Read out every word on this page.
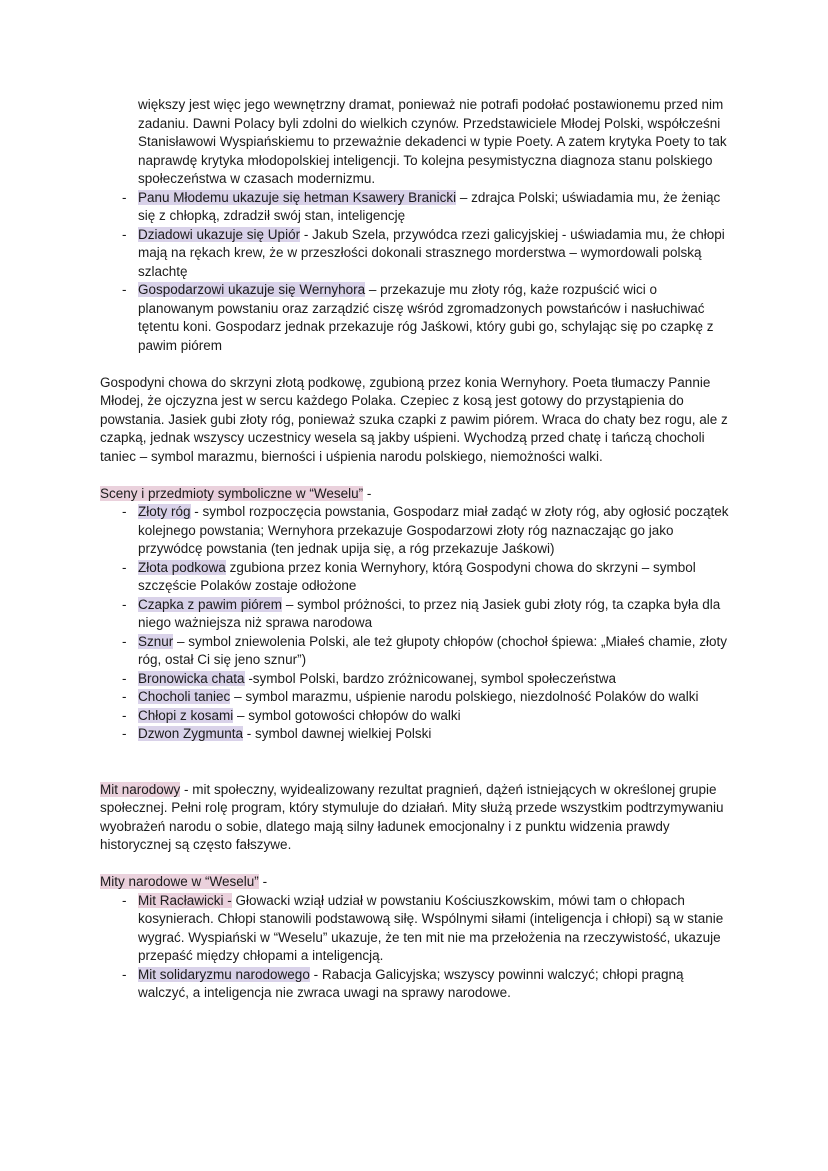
większy jest więc jego wewnętrzny dramat, ponieważ nie potrafi podołać postawionemu przed nim zadaniu. Dawni Polacy byli zdolni do wielkich czynów. Przedstawiciele Młodej Polski, współcześni Stanisławowi Wyspiańskiemu to przeważnie dekadenci w typie Poety. A zatem krytyka Poety to tak naprawdę krytyka młodopolskiej inteligencji. To kolejna pesymistyczna diagnoza stanu polskiego społeczeństwa w czasach modernizmu.

- Panu Młodemu ukazuje się hetman Ksawery Branicki – zdrajca Polski; uświadamia mu, że żeniąc się z chłopką, zdradził swój stan, inteligencję
- Dziadowi ukazuje się Upiór - Jakub Szela, przywódca rzezi galicyjskiej - uświadamia mu, że chłopi mają na rękach krew, że w przeszłości dokonali strasznego morderstwa – wymordowali polską szlachtę
- Gospodarzowi ukazuje się Wernyhora – przekazuje mu złoty róg, każe rozpuścić wici o planowanym powstaniu oraz zarządzić ciszę wśród zgromadzonych powstańców i nasłuchiwać tętentu koni. Gospodarz jednak przekazuje róg Jaśkowi, który gubi go, schylając się po czapkę z pawim piórem

Gospodyni chowa do skrzyni złotą podkowę, zgubioną przez konia Wernyhory. Poeta tłumaczy Pannie Młodej, że ojczyzna jest w sercu każdego Polaka. Czepiec z kosą jest gotowy do przystąpienia do powstania. Jasiek gubi złoty róg, ponieważ szuka czapki z pawim piórem. Wraca do chaty bez rogu, ale z czapką, jednak wszyscy uczestnicy wesela są jakby uśpieni. Wychodzą przed chatę i tańczą chocholi taniec – symbol marazmu, bierności i uśpienia narodu polskiego, niemożności walki.

Sceny i przedmioty symboliczne w “Weselu” -

- Złoty róg - symbol rozpoczęcia powstania, Gospodarz miał zadąć w złoty róg, aby ogłosić początek kolejnego powstania; Wernyhora przekazuje Gospodarzowi złoty róg naznaczając go jako przywódcę powstania (ten jednak upija się, a róg przekazuje Jaśkowi)
- Złota podkowa zgubiona przez konia Wernyhory, którą Gospodyni chowa do skrzyni – symbol szczęście Polaków zostaje odłożone
- Czapka z pawim piórem – symbol próżności, to przez nią Jasiek gubi złoty róg, ta czapka była dla niego ważniejsza niż sprawa narodowa
- Sznur – symbol zniewolenia Polski, ale też głupoty chłopów (chochoł śpiewa: „Miałeś chamie, złoty róg, ostał Ci się jeno sznur”)
- Bronowicka chata -symbol Polski, bardzo zróżnicowanej, symbol społeczeństwa
- Chocholi taniec – symbol marazmu, uśpienie narodu polskiego, niezdolność Polaków do walki
- Chłopi z kosami – symbol gotowości chłopów do walki
- Dzwon Zygmunta - symbol dawnej wielkiej Polski

Mit narodowy - mit społeczny, wyidealizowany rezultat pragnień, dążeń istniejących w określonej grupie społecznej. Pełni rolę program, który stymuluje do działań. Mity służą przede wszystkim podtrzymywaniu wyobrażeń narodu o sobie, dlatego mają silny ładunek emocjonalny i z punktu widzenia prawdy historycznej są często fałszywe.

Mity narodowe w “Weselu” -

- Mit Racławicki - Głowacki wziął udział w powstaniu Kościuszkowskim, mówi tam o chłopach kosynierach. Chłopi stanowili podstawową siłę. Wspólnymi siłami (inteligencja i chłopi) są w stanie wygrać. Wyspiański w “Weselu” ukazuje, że ten mit nie ma przełożenia na rzeczywistość, ukazuje przepaść między chłopami a inteligencją.
- Mit solidaryzmu narodowego - Rabacja Galicyjska; wszyscy powinni walczyć; chłopi pragną walczyć, a inteligencja nie zwraca uwagi na sprawy narodowe.
